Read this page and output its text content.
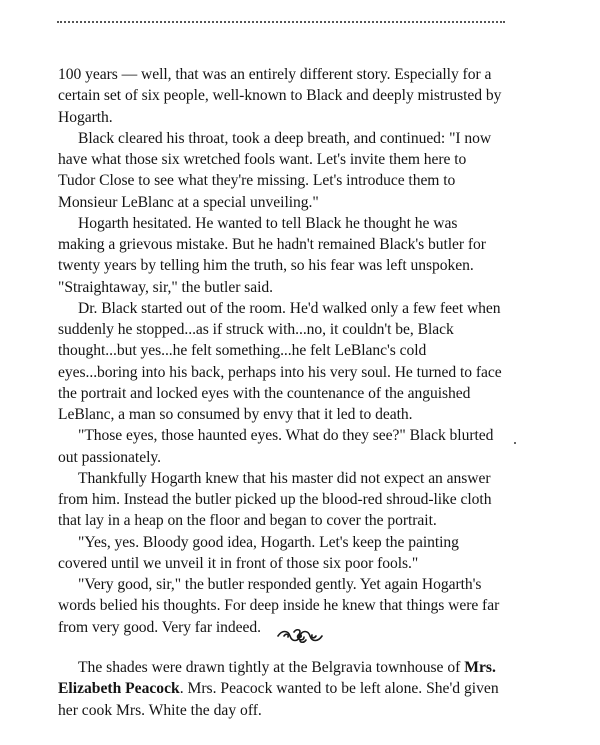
100 years — well, that was an entirely different story. Especially for a certain set of six people, well-known to Black and deeply mistrusted by Hogarth.

Black cleared his throat, took a deep breath, and continued: "I now have what those six wretched fools want. Let's invite them here to Tudor Close to see what they're missing. Let's introduce them to Monsieur LeBlanc at a special unveiling."

Hogarth hesitated. He wanted to tell Black he thought he was making a grievous mistake. But he hadn't remained Black's butler for twenty years by telling him the truth, so his fear was left unspoken. "Straightaway, sir," the butler said.

Dr. Black started out of the room. He'd walked only a few feet when suddenly he stopped...as if struck with...no, it couldn't be, Black thought...but yes...he felt something...he felt LeBlanc's cold eyes...boring into his back, perhaps into his very soul. He turned to face the portrait and locked eyes with the countenance of the anguished LeBlanc, a man so consumed by envy that it led to death.

"Those eyes, those haunted eyes. What do they see?" Black blurted out passionately.

Thankfully Hogarth knew that his master did not expect an answer from him. Instead the butler picked up the blood-red shroud-like cloth that lay in a heap on the floor and began to cover the portrait.

"Yes, yes. Bloody good idea, Hogarth. Let's keep the painting covered until we unveil it in front of those six poor fools."

"Very good, sir," the butler responded gently. Yet again Hogarth's words belied his thoughts. For deep inside he knew that things were far from very good. Very far indeed.

The shades were drawn tightly at the Belgravia townhouse of Mrs. Elizabeth Peacock. Mrs. Peacock wanted to be left alone. She'd given her cook Mrs. White the day off.
